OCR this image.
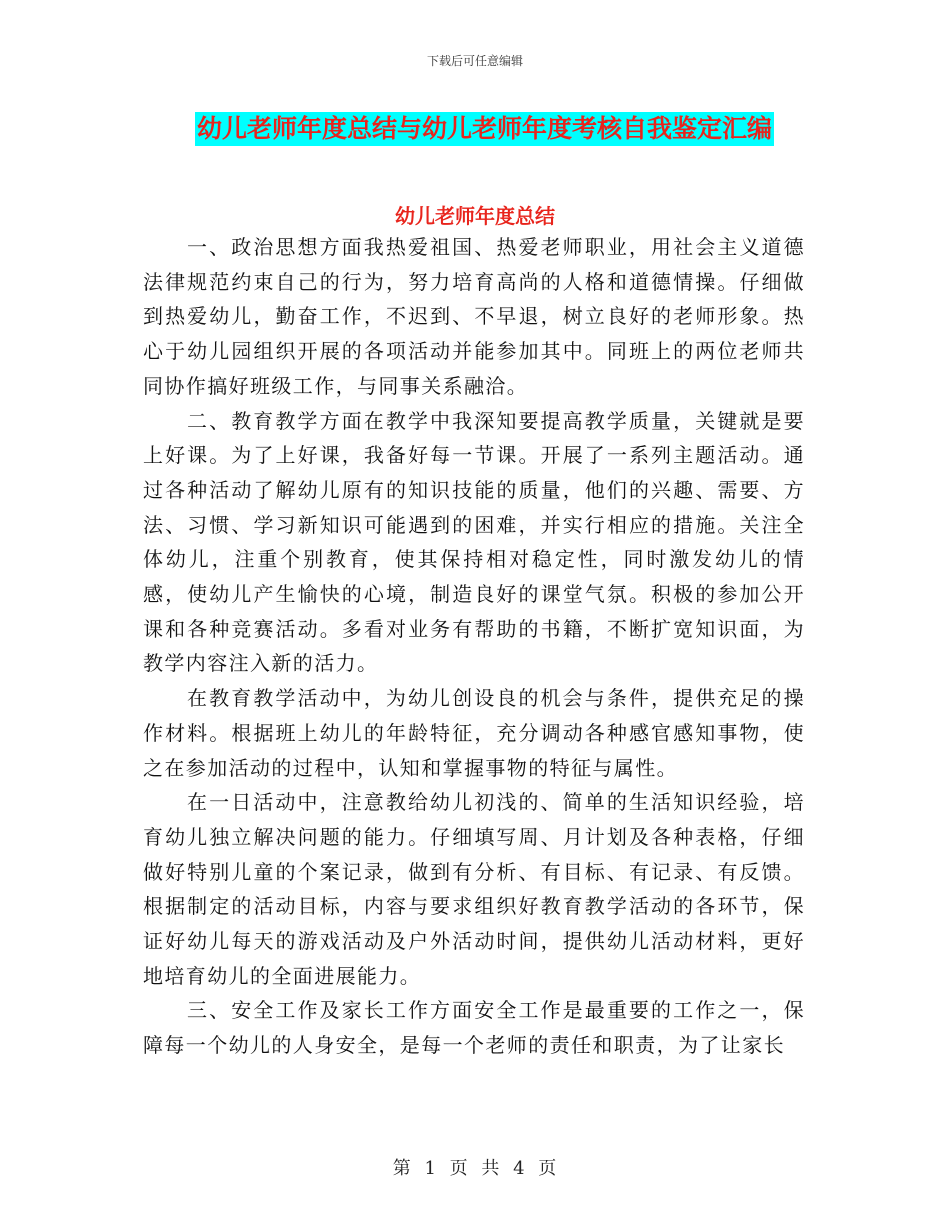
下载后可任意编辑
幼儿老师年度总结与幼儿老师年度考核自我鉴定汇编
幼儿老师年度总结

一、政治思想方面我热爱祖国、热爱老师职业，用社会主义道德法律规范约束自己的行为，努力培育高尚的人格和道德情操。仔细做到热爱幼儿，勤奋工作，不迟到、不早退，树立良好的老师形象。热心于幼儿园组织开展的各项活动并能参加其中。同班上的两位老师共同协作搞好班级工作，与同事关系融洽。

二、教育教学方面在教学中我深知要提高教学质量，关键就是要上好课。为了上好课，我备好每一节课。开展了一系列主题活动。通过各种活动了解幼儿原有的知识技能的质量，他们的兴趣、需要、方法、习惯、学习新知识可能遇到的困难，并实行相应的措施。关注全体幼儿，注重个别教育，使其保持相对稳定性，同时激发幼儿的情感，使幼儿产生愉快的心境，制造良好的课堂气氛。积极的参加公开课和各种竞赛活动。多看对业务有帮助的书籍，不断扩宽知识面，为教学内容注入新的活力。

在教育教学活动中，为幼儿创设良的机会与条件，提供充足的操作材料。根据班上幼儿的年龄特征，充分调动各种感官感知事物，使之在参加活动的过程中，认知和掌握事物的特征与属性。

在一日活动中，注意教给幼儿初浅的、简单的生活知识经验，培育幼儿独立解决问题的能力。仔细填写周、月计划及各种表格，仔细做好特别儿童的个案记录，做到有分析、有目标、有记录、有反馈。根据制定的活动目标，内容与要求组织好教育教学活动的各环节，保证好幼儿每天的游戏活动及户外活动时间，提供幼儿活动材料，更好地培育幼儿的全面进展能力。

三、安全工作及家长工作方面安全工作是最重要的工作之一，保障每一个幼儿的人身安全，是每一个老师的责任和职责，为了让家长

第 1 页 共 4 页
